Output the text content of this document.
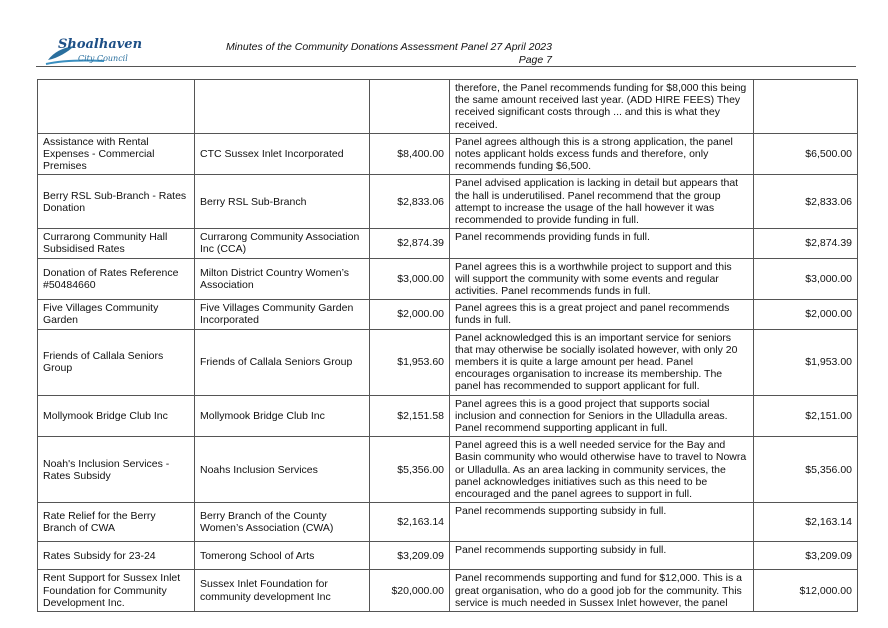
Shoalhaven
City Council
Minutes of the Community Donations Assessment Panel 27 April 2023
Page 7
			therefore, the Panel recommends funding for $8,000 this being the same amount received last year. (ADD HIRE FEES) They received significant costs through ... and this is what they received.	
Assistance with Rental Expenses - Commercial Premises	CTC Sussex Inlet Incorporated	$8,400.00	Panel agrees although this is a strong application, the panel notes applicant holds excess funds and therefore, only recommends funding $6,500.	$6,500.00
Berry RSL Sub-Branch - Rates Donation	Berry RSL Sub-Branch	$2,833.06	Panel advised application is lacking in detail but appears that the hall is underutilised. Panel recommend that the group attempt to increase the usage of the hall however it was recommended to provide funding in full.	$2,833.06
Currarong Community Hall Subsidised Rates	Currarong Community Association Inc (CCA)	$2,874.39	Panel recommends providing funds in full.	$2,874.39
Donation of Rates Reference #50484660	Milton District Country Women’s Association	$3,000.00	Panel agrees this is a worthwhile project to support and this will support the community with some events and regular activities. Panel recommends funds in full.	$3,000.00
Five Villages Community Garden	Five Villages Community Garden Incorporated	$2,000.00	Panel agrees this is a great project and panel recommends funds in full.	$2,000.00
Friends of Callala Seniors Group	Friends of Callala Seniors Group	$1,953.60	Panel acknowledged this is an important service for seniors that may otherwise be socially isolated however, with only 20 members it is quite a large amount per head. Panel encourages organisation to increase its membership. The panel has recommended to support applicant for full.	$1,953.00
Mollymook Bridge Club Inc	Mollymook Bridge Club Inc	$2,151.58	Panel agrees this is a good project that supports social inclusion and connection for Seniors in the Ulladulla areas. Panel recommend supporting applicant in full.	$2,151.00
Noah's Inclusion Services - Rates Subsidy	Noahs Inclusion Services	$5,356.00	Panel agreed this is a well needed service for the Bay and Basin community who would otherwise have to travel to Nowra or Ulladulla. As an area lacking in community services, the panel acknowledges initiatives such as this need to be encouraged and the panel agrees to support in full.	$5,356.00
Rate Relief for the Berry Branch of CWA	Berry Branch of the County Women’s Association (CWA)	$2,163.14	Panel recommends supporting subsidy in full.	$2,163.14
Rates Subsidy for 23-24	Tomerong School of Arts	$3,209.09	Panel recommends supporting subsidy in full.	$3,209.09
Rent Support for Sussex Inlet Foundation for Community Development Inc.	Sussex Inlet Foundation for community development Inc	$20,000.00	Panel recommends supporting and fund for $12,000. This is a great organisation, who do a good job for the community. This service is much needed in Sussex Inlet however, the panel	$12,000.00
